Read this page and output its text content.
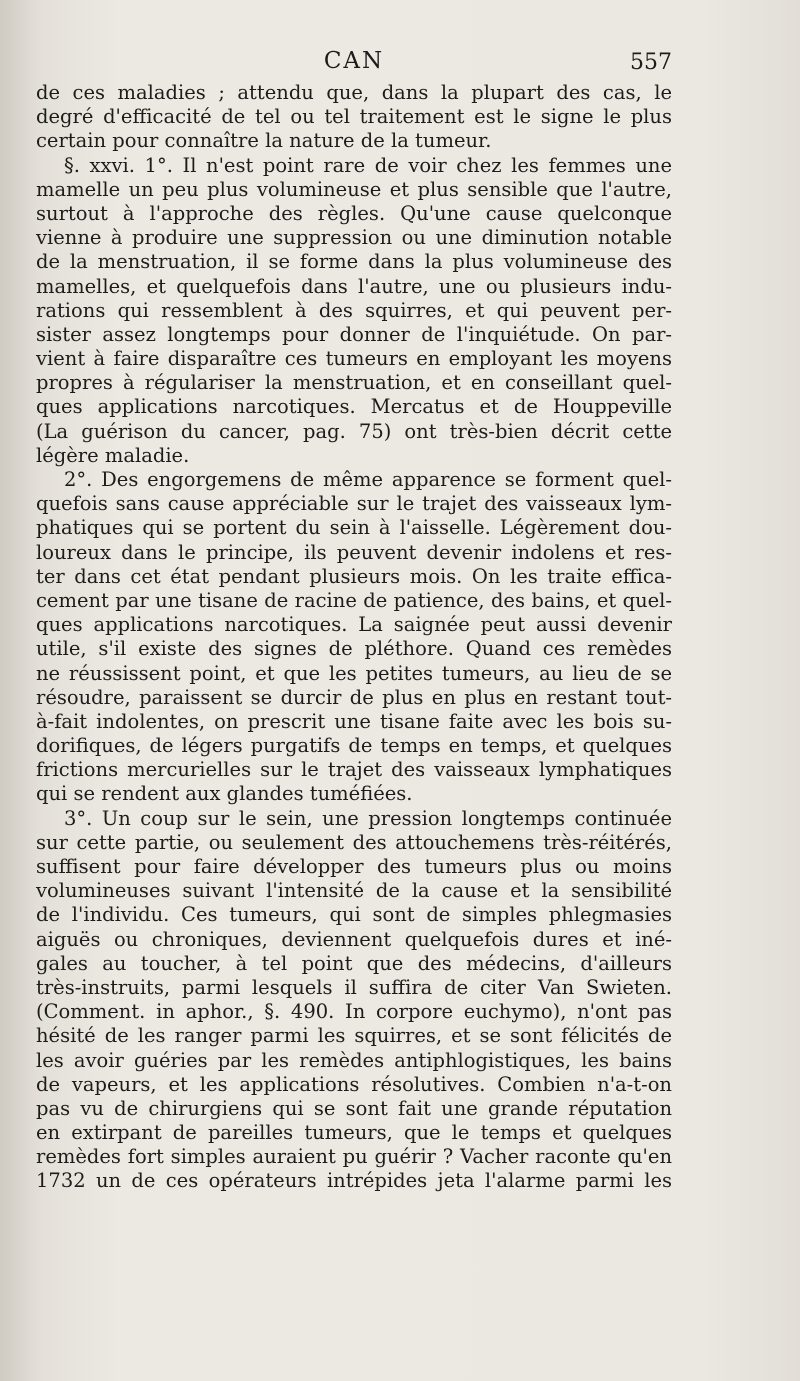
CAN	557
de ces maladies ; attendu que, dans la plupart des cas, le
degré d'efficacité de tel ou tel traitement est le signe le plus
certain pour connaître la nature de la tumeur.
§. xxvi. 1°. Il n'est point rare de voir chez les femmes une
mamelle un peu plus volumineuse et plus sensible que l'autre,
surtout à l'approche des règles. Qu'une cause quelconque
vienne à produire une suppression ou une diminution notable
de la menstruation, il se forme dans la plus volumineuse des
mamelles, et quelquefois dans l'autre, une ou plusieurs indu-
rations qui ressemblent à des squirres, et qui peuvent per-
sister assez longtemps pour donner de l'inquiétude. On par-
vient à faire disparaître ces tumeurs en employant les moyens
propres à régulariser la menstruation, et en conseillant quel-
ques applications narcotiques. Mercatus et de Houppeville
(La guérison du cancer, pag. 75) ont très-bien décrit cette
légère maladie.
2°. Des engorgemens de même apparence se forment quel-
quefois sans cause appréciable sur le trajet des vaisseaux lym-
phatiques qui se portent du sein à l'aisselle. Légèrement dou-
loureux dans le principe, ils peuvent devenir indolens et res-
ter dans cet état pendant plusieurs mois. On les traite effica-
cement par une tisane de racine de patience, des bains, et quel-
ques applications narcotiques. La saignée peut aussi devenir
utile, s'il existe des signes de pléthore. Quand ces remèdes
ne réussissent point, et que les petites tumeurs, au lieu de se
résoudre, paraissent se durcir de plus en plus en restant tout-
à-fait indolentes, on prescrit une tisane faite avec les bois su-
dorifiques, de légers purgatifs de temps en temps, et quelques
frictions mercurielles sur le trajet des vaisseaux lymphatiques
qui se rendent aux glandes tuméfiées.
3°. Un coup sur le sein, une pression longtemps continuée
sur cette partie, ou seulement des attouchemens très-réitérés,
suffisent pour faire développer des tumeurs plus ou moins
volumineuses suivant l'intensité de la cause et la sensibilité
de l'individu. Ces tumeurs, qui sont de simples phlegmasies
aiguës ou chroniques, deviennent quelquefois dures et iné-
gales au toucher, à tel point que des médecins, d'ailleurs
très-instruits, parmi lesquels il suffira de citer Van Swieten.
(Comment. in aphor., §. 490. In corpore euchymo), n'ont pas
hésité de les ranger parmi les squirres, et se sont félicités de
les avoir guéries par les remèdes antiphlogistiques, les bains
de vapeurs, et les applications résolutives. Combien n'a-t-on
pas vu de chirurgiens qui se sont fait une grande réputation
en extirpant de pareilles tumeurs, que le temps et quelques
remèdes fort simples auraient pu guérir ? Vacher raconte qu'en
1732 un de ces opérateurs intrépides jeta l'alarme parmi les
